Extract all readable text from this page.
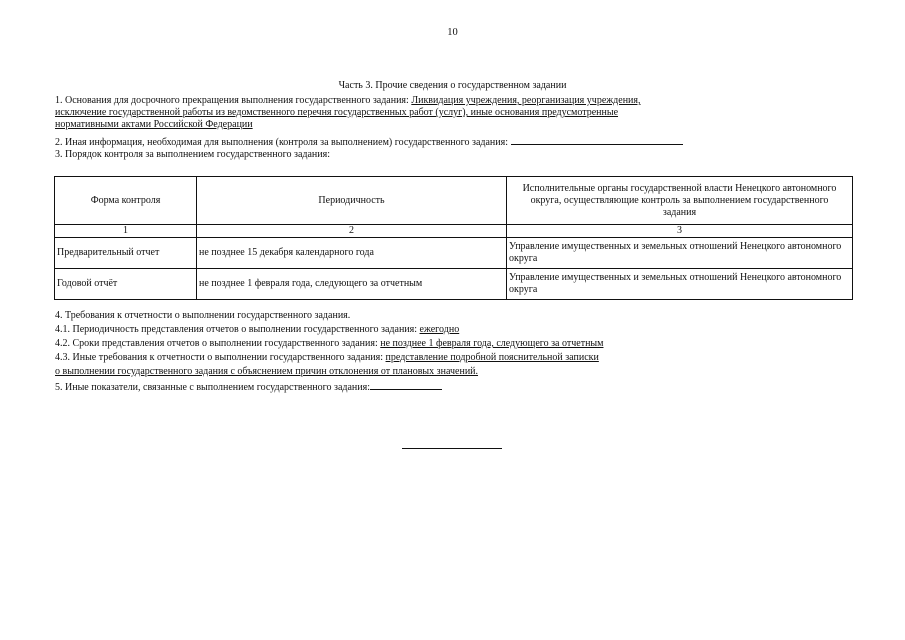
10
Часть 3. Прочие сведения о государственном задании
1. Основания для досрочного прекращения выполнения государственного задания: Ликвидация учреждения, реорганизация учреждения,
исключение государственной работы из ведомственного перечня государственных работ (услуг), иные основания предусмотренные
нормативными актами Российской Федерации
2. Иная информация, необходимая для выполнения (контроля за выполнением) государственного задания:
3. Порядок контроля за выполнением государственного задания:
Форма контроля	Периодичность	Исполнительные органы государственной власти Ненецкого автономного округа, осуществляющие контроль за выполнением государственного задания
1	2	3
Предварительный отчет	не позднее 15 декабря календарного года	Управление имущественных и земельных отношений Ненецкого автономного округа
Годовой отчёт	не позднее 1 февраля года, следующего за отчетным	Управление имущественных и земельных отношений Ненецкого автономного округа
4. Требования к отчетности о выполнении государственного задания.
4.1. Периодичность представления отчетов о выполнении государственного задания: ежегодно
4.2. Сроки представления отчетов о выполнении государственного задания: не позднее 1 февраля года, следующего за отчетным
4.3. Иные требования к отчетности о выполнении государственного задания: представление подробной пояснительной записки
о выполнении государственного задания с объяснением причин отклонения от плановых значений.
5. Иные показатели, связанные с выполнением государственного задания:
